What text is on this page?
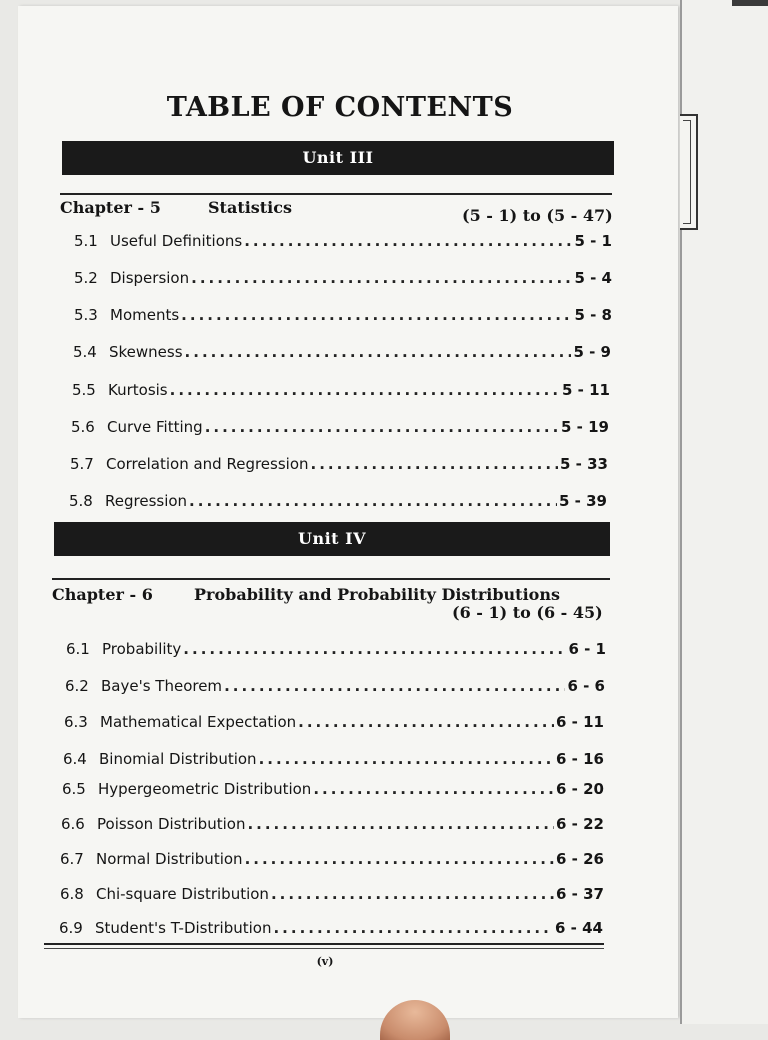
TABLE OF CONTENTS
Unit III
Chapter - 5	Statistics	(5 - 1) to (5 - 47)
5.1 Useful Definitions .....	5 - 1
5.2 Dispersion .....	5 - 4
5.3 Moments .....	5 - 8
5.4 Skewness .....	5 - 9
5.5 Kurtosis .....	5 - 11
5.6 Curve Fitting .....	5 - 19
5.7 Correlation and Regression .....	5 - 33
5.8 Regression .....	5 - 39
Unit IV
Chapter - 6	Probability and Probability Distributions
(6 - 1) to (6 - 45)
6.1 Probability .....	6 - 1
6.2 Baye's Theorem .....	6 - 6
6.3 Mathematical Expectation .....	6 - 11
6.4 Binomial Distribution .....	6 - 16
6.5 Hypergeometric Distribution .....	6 - 20
6.6 Poisson Distribution .....	6 - 22
6.7 Normal Distribution .....	6 - 26
6.8 Chi-square Distribution .....	6 - 37
6.9 Student's T-Distribution .....	6 - 44
(v)
